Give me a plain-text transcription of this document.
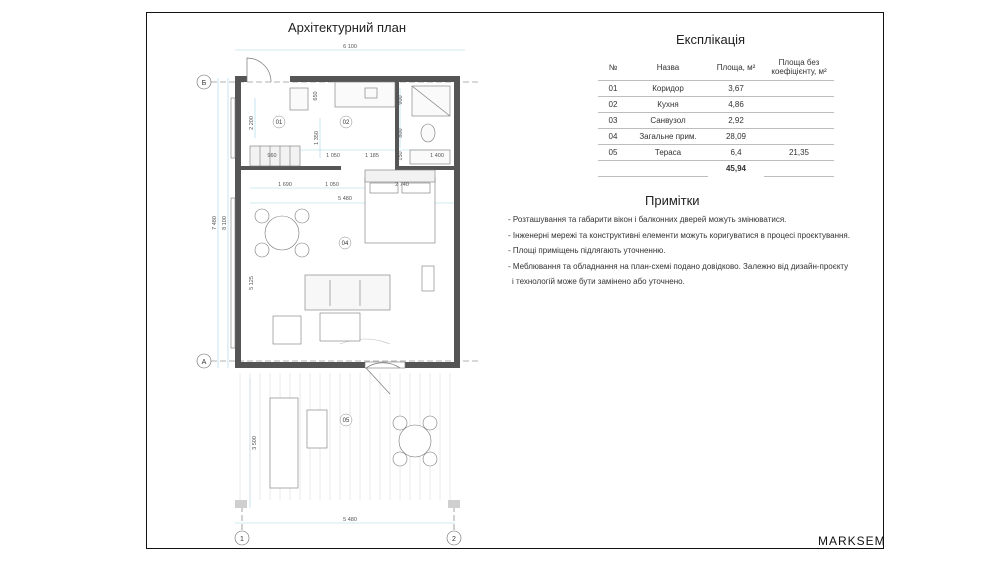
Архітектурний план
Б
А
1	2
01	02
04
05
6 100
5 480
5 480
1 690	1 050	2 740
960	1 050	1 185	1 400
7 480 8 100
2 200
1 350
5 125
3 500
650	900
800
150
Експлікація
№	Назва	Площа, м²	Площа без коефіцієнту, м²
01	Коридор	3,67	
02	Кухня	4,86	
03	Санвузол	2,92	
04	Загальне прим.	28,09	
05	Тераса	6,4	21,35
		45,94	
Примітки
- Розташування та габарити вікон і балконних дверей можуть змінюватися.
- Інженерні мережі та конструктивні елементи можуть коригуватися в процесі проєктування.
- Площі приміщень підлягають уточненню.
- Меблювання та обладнання на план-схемі подано довідково. Залежно від дизайн-проєкту
і технологій може бути замінено або уточнено.
MARKSEM
